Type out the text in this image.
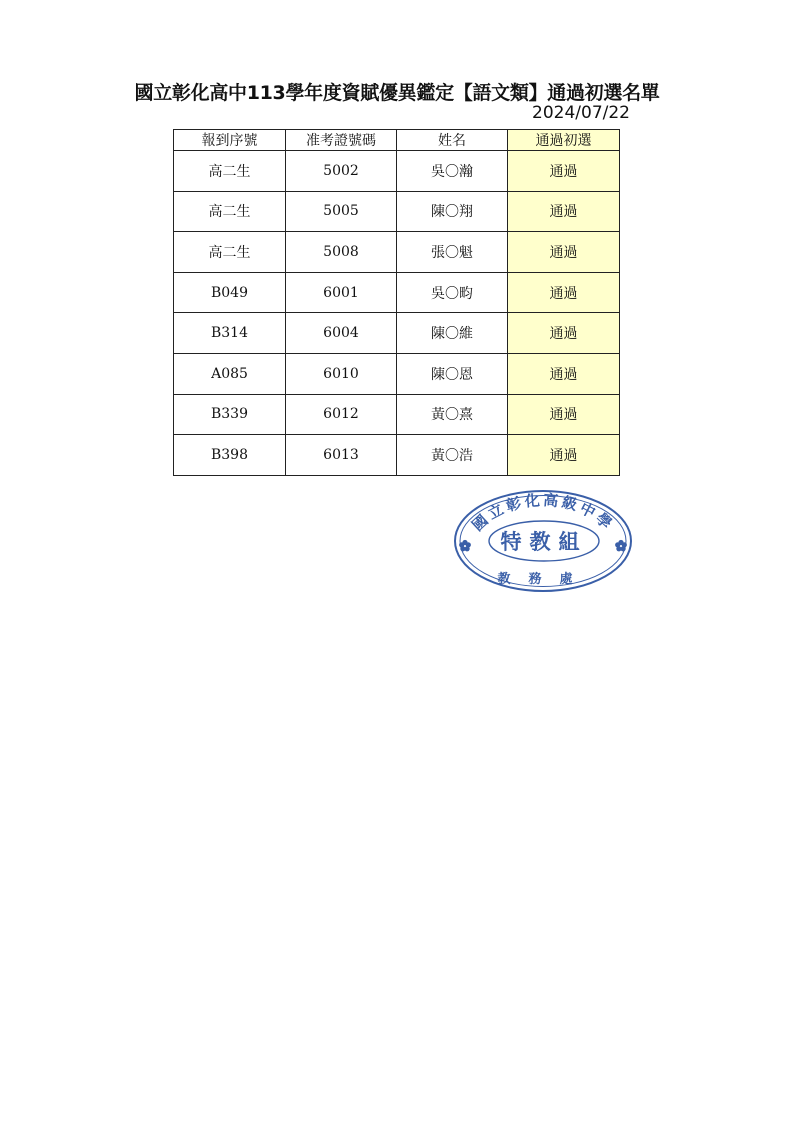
國立彰化高中113學年度資賦優異鑑定【語文類】通過初選名單
2024/07/22
報到序號	准考證號碼	姓名	通過初選
高二生	5002	吳〇瀚	通過
高二生	5005	陳〇翔	通過
高二生	5008	張〇魁	通過
B049	6001	吳〇畇	通過
B314	6004	陳〇維	通過
A085	6010	陳〇恩	通過
B339	6012	黃〇熹	通過
B398	6013	黃〇浩	通過
國立彰化高級中學
特教組
教務處
